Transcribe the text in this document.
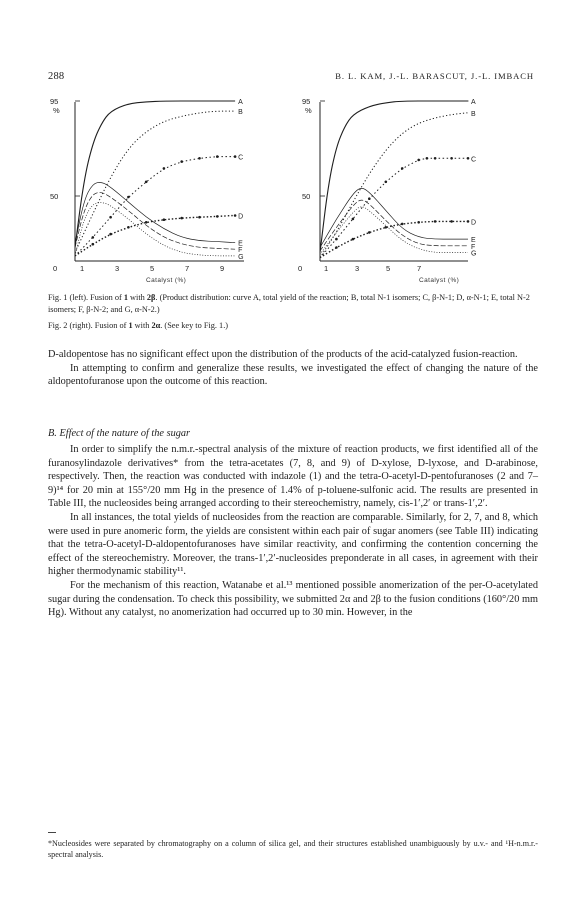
288	B. L. KAM, J.-L. BARASCUT, J.-L. IMBACH
95
%
50
0	1	3	5	7	9
Catalyst (%)
A
B
C
D
E
F
G
95
%
50
0	1	3	5	7
Catalyst (%)
A
B
C
D
E
F
G
Fig. 1 (left). Fusion of 1 with 2β. (Product distribution: curve A, total yield of the reaction; B, total N-1 isomers; C, β-N-1; D, α-N-1; E, total N-2 isomers; F, β-N-2; and G, α-N-2.)
Fig. 2 (right). Fusion of 1 with 2α. (See key to Fig. 1.)

D-aldopentose has no significant effect upon the distribution of the products of the acid-catalyzed fusion-reaction.

In attempting to confirm and generalize these results, we investigated the effect of changing the nature of the aldopentofuranose upon the outcome of this reaction.

B. Effect of the nature of the sugar

In order to simplify the n.m.r.-spectral analysis of the mixture of reaction products, we first identified all of the furanosylindazole derivatives* from the tetra-acetates (7, 8, and 9) of D-xylose, D-lyxose, and D-arabinose, respectively. Then, the reaction was conducted with indazole (1) and the tetra-O-acetyl-D-pentofuranoses (2 and 7–9)¹⁴ for 20 min at 155°/20 mm Hg in the presence of 1.4% of p-toluene-sulfonic acid. The results are presented in Table III, the nucleosides being arranged according to their stereochemistry, namely, cis-1′,2′ or trans-1′,2′.

In all instances, the total yields of nucleosides from the reaction are comparable. Similarly, for 2, 7, and 8, which were used in pure anomeric form, the yields are consistent within each pair of sugar anomers (see Table III) indicating that the tetra-O-acetyl-D-aldopentofuranoses have similar reactivity, and confirming the contention concerning the effect of the stereochemistry. Moreover, the trans-1′,2′-nucleosides preponderate in all cases, in agreement with their higher thermodynamic stability¹¹.

For the mechanism of this reaction, Watanabe et al.¹³ mentioned possible anomerization of the per-O-acetylated sugar during the condensation. To check this possibility, we submitted 2α and 2β to the fusion conditions (160°/20 mm Hg). Without any catalyst, no anomerization had occurred up to 30 min. However, in the

*Nucleosides were separated by chromatography on a column of silica gel, and their structures established unambiguously by u.v.- and ¹H-n.m.r.-spectral analysis.
